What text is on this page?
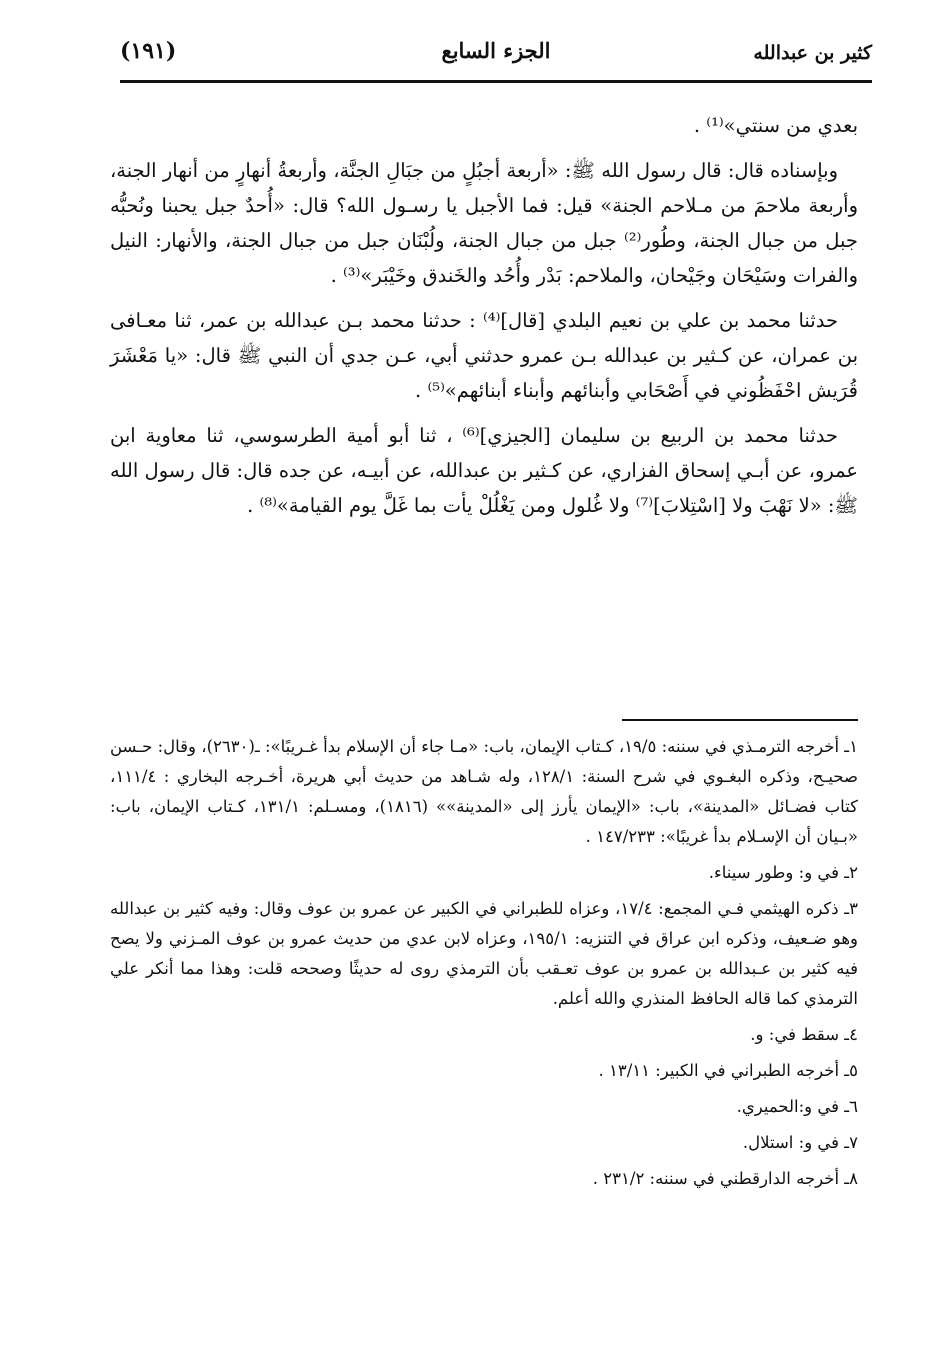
كثير بن عبدالله
الجزء السابع
(١٩١)

بعدي من سنتي»⁽¹⁾ .

وبإسناده قال: قال رسول الله ﷺ: «أربعة أجبُلٍ من جبَالِ الجنَّة، وأربعةُ أنهارٍ من أنهار الجنة، وأربعة ملاحمَ من مـلاحم الجنة» قيل: فما الأجبل يا رسـول الله؟ قال: «أُحدٌ جبل يحبنا ونُحبُّه جبل من جبال الجنة، وطُور⁽²⁾ جبل من جبال الجنة، ولُبْنَان جبل من جبال الجنة، والأنهار: النيل والفرات وسَيْحَان وجَيْحان، والملاحم: بَدْر وأُحُد والخَندق وخَيْبَر»⁽³⁾ .

حدثنا محمد بن علي بن نعيم البلدي [قال]⁽⁴⁾ : حدثنا محمد بـن عبدالله بن عمر، ثنا معـافى بن عمران، عن كـثير بن عبدالله بـن عمرو حدثني أبي، عـن جدي أن النبي ﷺ قال: «يا مَعْشَرَ قُرَيش احْفَظُوني في أَصْحَابي وأبنائهم وأبناء أبنائهم»⁽⁵⁾ .

حدثنا محمد بن الربيع بن سليمان [الجيزي]⁽⁶⁾ ، ثنا أبو أمية الطرسوسي، ثنا معاوية ابن عمرو، عن أبـي إسحاق الفزاري، عن كـثير بن عبدالله، عن أبيـه، عن جده قال: قال رسول الله ﷺ: «لا نَهْبَ ولا [اسْتِلابَ]⁽⁷⁾ ولا غُلول ومن يَغْلُلْ يأت بما غَلَّ يوم القيامة»⁽⁸⁾ .

١ـ أخرجه الترمـذي في سننه: ١٩/٥، كـتاب الإيمان، باب: «مـا جاء أن الإسلام بدأ غـريبًا»: ـ(٢٦٣٠)، وقال: حـسن صحيـح، وذكره البغـوي في شرح السنة: ١٢٨/١، وله شـاهد من حديث أبي هريرة، أخـرجه البخاري : ١١١/٤، كتاب فضـائل «المدينة»، باب: «الإيمان يأرز إلى «المدينة»» (١٨١٦)، ومسـلم: ١٣١/١، كـتاب الإيمان، باب: «بـيان أن الإسـلام بدأ غريبًا»: ١٤٧/٢٣٣ .

٢ـ في و: وطور سيناء.

٣ـ ذكره الهيثمي فـي المجمع: ١٧/٤، وعزاه للطبراني في الكبير عن عمرو بن عوف وقال: وفيه كثير بن عبدالله وهو ضـعيف، وذكره ابن عراق في التنزيه: ١٩٥/١، وعزاه لابن عدي من حديث عمرو بن عوف المـزني ولا يصح فيه كثير بن عـبدالله بن عمرو بن عوف تعـقب بأن الترمذي روى له حديثًا وصححه قلت: وهذا مما أنكر علي الترمذي كما قاله الحافظ المنذري والله أعلم.

٤ـ سقط في: و.

٥ـ أخرجه الطبراني في الكبير: ١٣/١١ .

٦ـ في و:الحميري.

٧ـ في و: استلال.

٨ـ أخرجه الدارقطني في سننه: ٢٣١/٢ .
